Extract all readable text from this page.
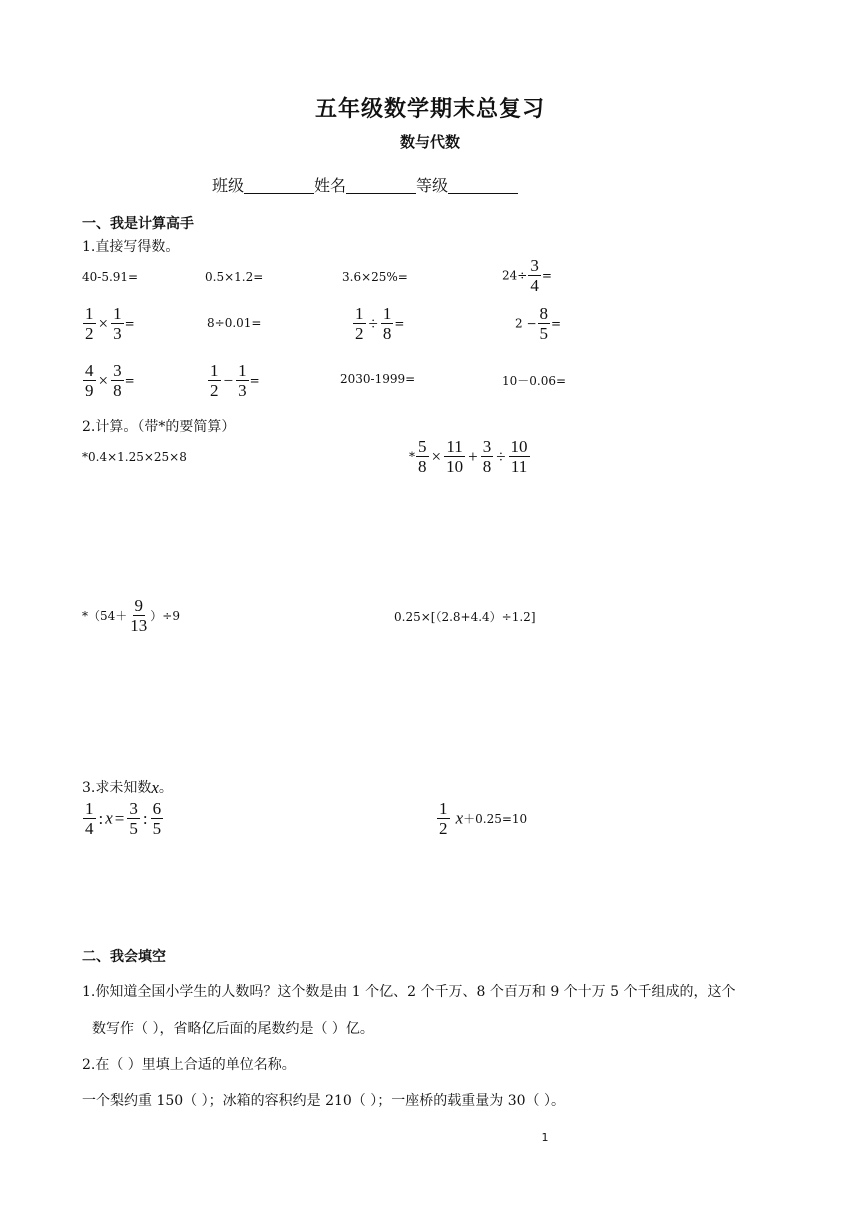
五年级数学期末总复习
数与代数
班级	姓名	等级
一、我是计算高手
1.直接写得数。
40-5.91=	0.5×1.2=	3.6×25%=	$24\div \frac{3}{4}$ =
$\frac{1}{2} \times \frac{1}{3}$ =	8÷0.01=	$\frac{1}{2} \div \frac{1}{8}$ =	$2 - \frac{8}{5}$ =
$\frac{4}{9} \times \frac{3}{8}$ =	$\frac{1}{2} - \frac{1}{3}$ =	2030-1999=	10－0.06=
2.计算。（带*的要简算）
*0.4×1.25×25×8	* $\frac{5}{8} \times \frac{11}{10} + \frac{3}{8} \div \frac{10}{11}$
$*(54+ \frac{9}{13} )\div 9$	0.25×[（2.8+4.4）÷1.2]
3.求未知数x。
$\frac{1}{4}$ : $x = \frac{3}{5}$ : $\frac{6}{5}$	$\frac{1}{2} x+0.25=10$
二、我会填空
1.你知道全国小学生的人数吗？这个数是由 1 个亿、2 个千万、8 个百万和 9 个十万 5 个千组成的，这个
数写作（ ），省略亿后面的尾数约是（ ）亿。
2.在（ ）里填上合适的单位名称。
一个梨约重 150（ ）；冰箱的容积约是 210（ ）；一座桥的载重量为 30（ ）。
1
